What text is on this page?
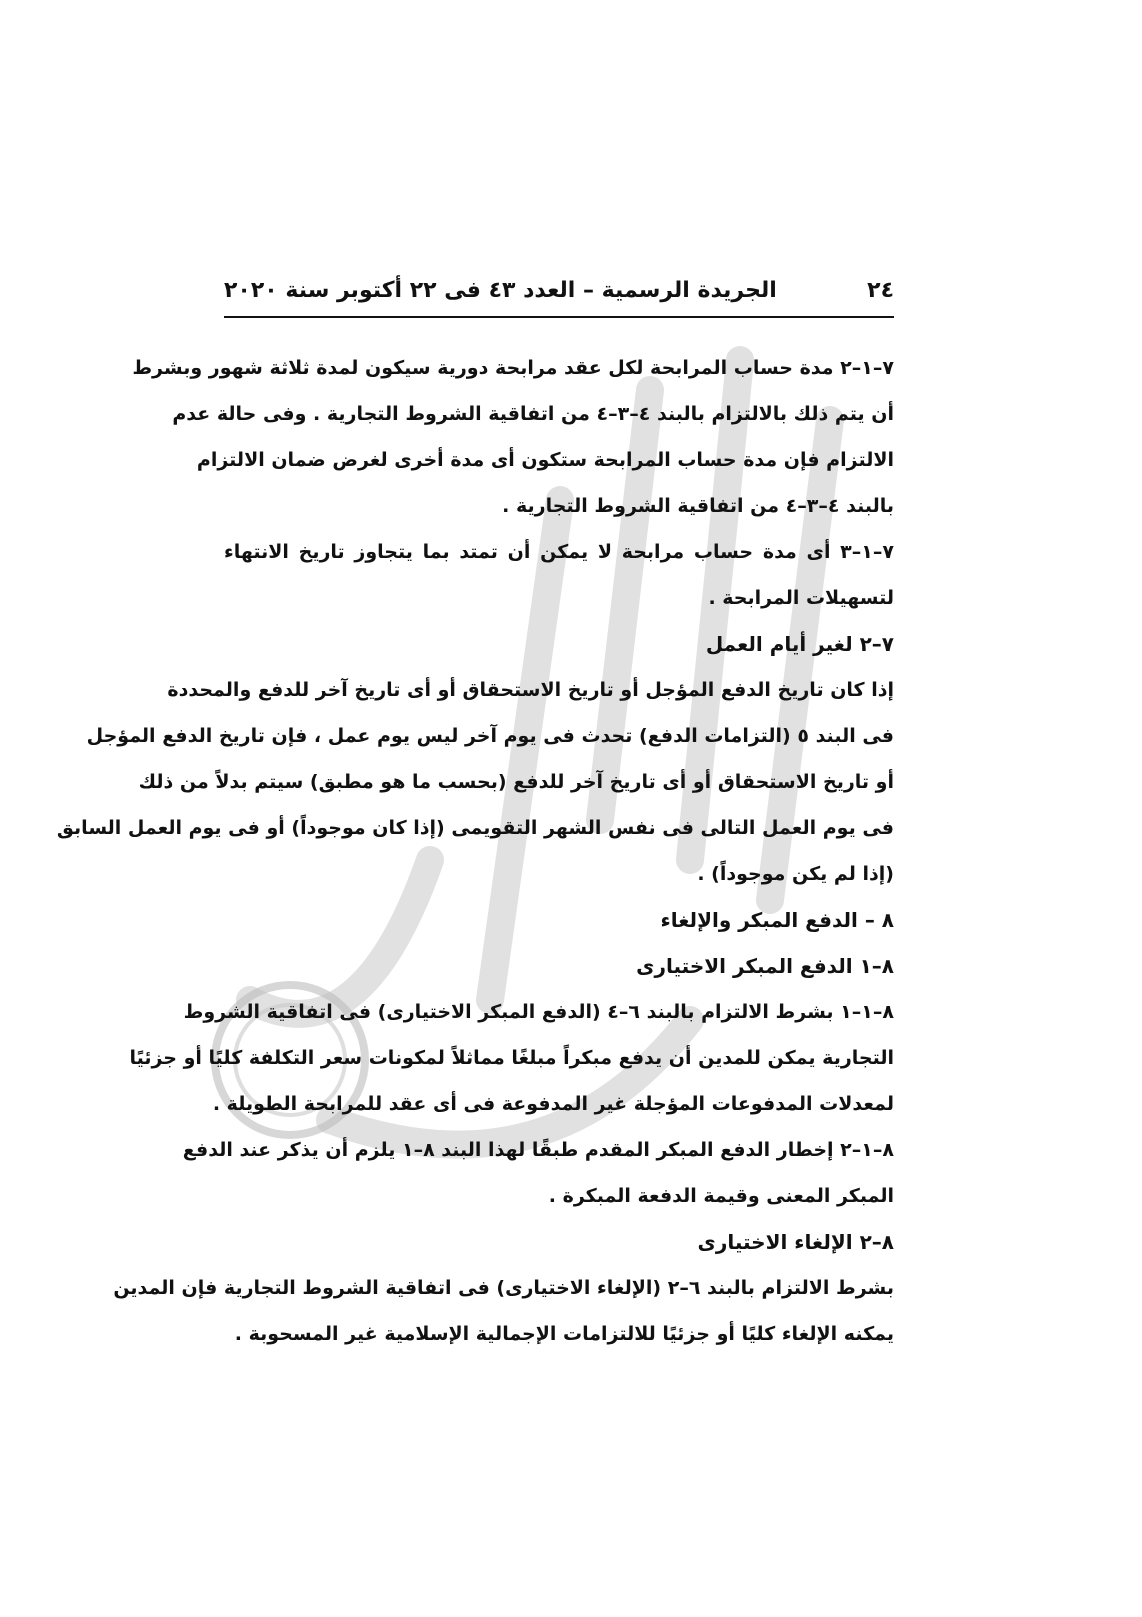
٢٤
الجريدة الرسمية – العدد ٤٣ فى ٢٢ أكتوبر سنة ٢٠٢٠
٧–١–٢ مدة حساب المرابحة لكل عقد مرابحة دورية سيكون لمدة ثلاثة شهور وبشرط
أن يتم ذلك بالالتزام بالبند ٤–٣–٤ من اتفاقية الشروط التجارية . وفى حالة عدم
الالتزام فإن مدة حساب المرابحة ستكون أى مدة أخرى لغرض ضمان الالتزام
بالبند ٤–٣–٤ من اتفاقية الشروط التجارية .
٧–١–٣ أى مدة حساب مرابحة لا يمكن أن تمتد بما يتجاوز تاريخ الانتهاء
لتسهيلات المرابحة .
٧–٢ لغير أيام العمل
إذا كان تاريخ الدفع المؤجل أو تاريخ الاستحقاق أو أى تاريخ آخر للدفع والمحددة
فى البند ٥ (التزامات الدفع) تحدث فى يوم آخر ليس يوم عمل ، فإن تاريخ الدفع المؤجل
أو تاريخ الاستحقاق أو أى تاريخ آخر للدفع (بحسب ما هو مطبق) سيتم بدلاً من ذلك
فى يوم العمل التالى فى نفس الشهر التقويمى (إذا كان موجوداً) أو فى يوم العمل السابق
(إذا لم يكن موجوداً) .
٨ – الدفع المبكر والإلغاء
٨–١ الدفع المبكر الاختيارى
٨–١–١ بشرط الالتزام بالبند ٦–٤ (الدفع المبكر الاختيارى) فى اتفاقية الشروط
التجارية يمكن للمدين أن يدفع مبكراً مبلغًا مماثلاً لمكونات سعر التكلفة كليًا أو جزئيًا
لمعدلات المدفوعات المؤجلة غير المدفوعة فى أى عقد للمرابحة الطويلة .
٨–١–٢ إخطار الدفع المبكر المقدم طبقًا لهذا البند ٨–١ يلزم أن يذكر عند الدفع
المبكر المعنى وقيمة الدفعة المبكرة .
٨–٢ الإلغاء الاختيارى
بشرط الالتزام بالبند ٦–٢ (الإلغاء الاختيارى) فى اتفاقية الشروط التجارية فإن المدين
يمكنه الإلغاء كليًا أو جزئيًا للالتزامات الإجمالية الإسلامية غير المسحوبة .
